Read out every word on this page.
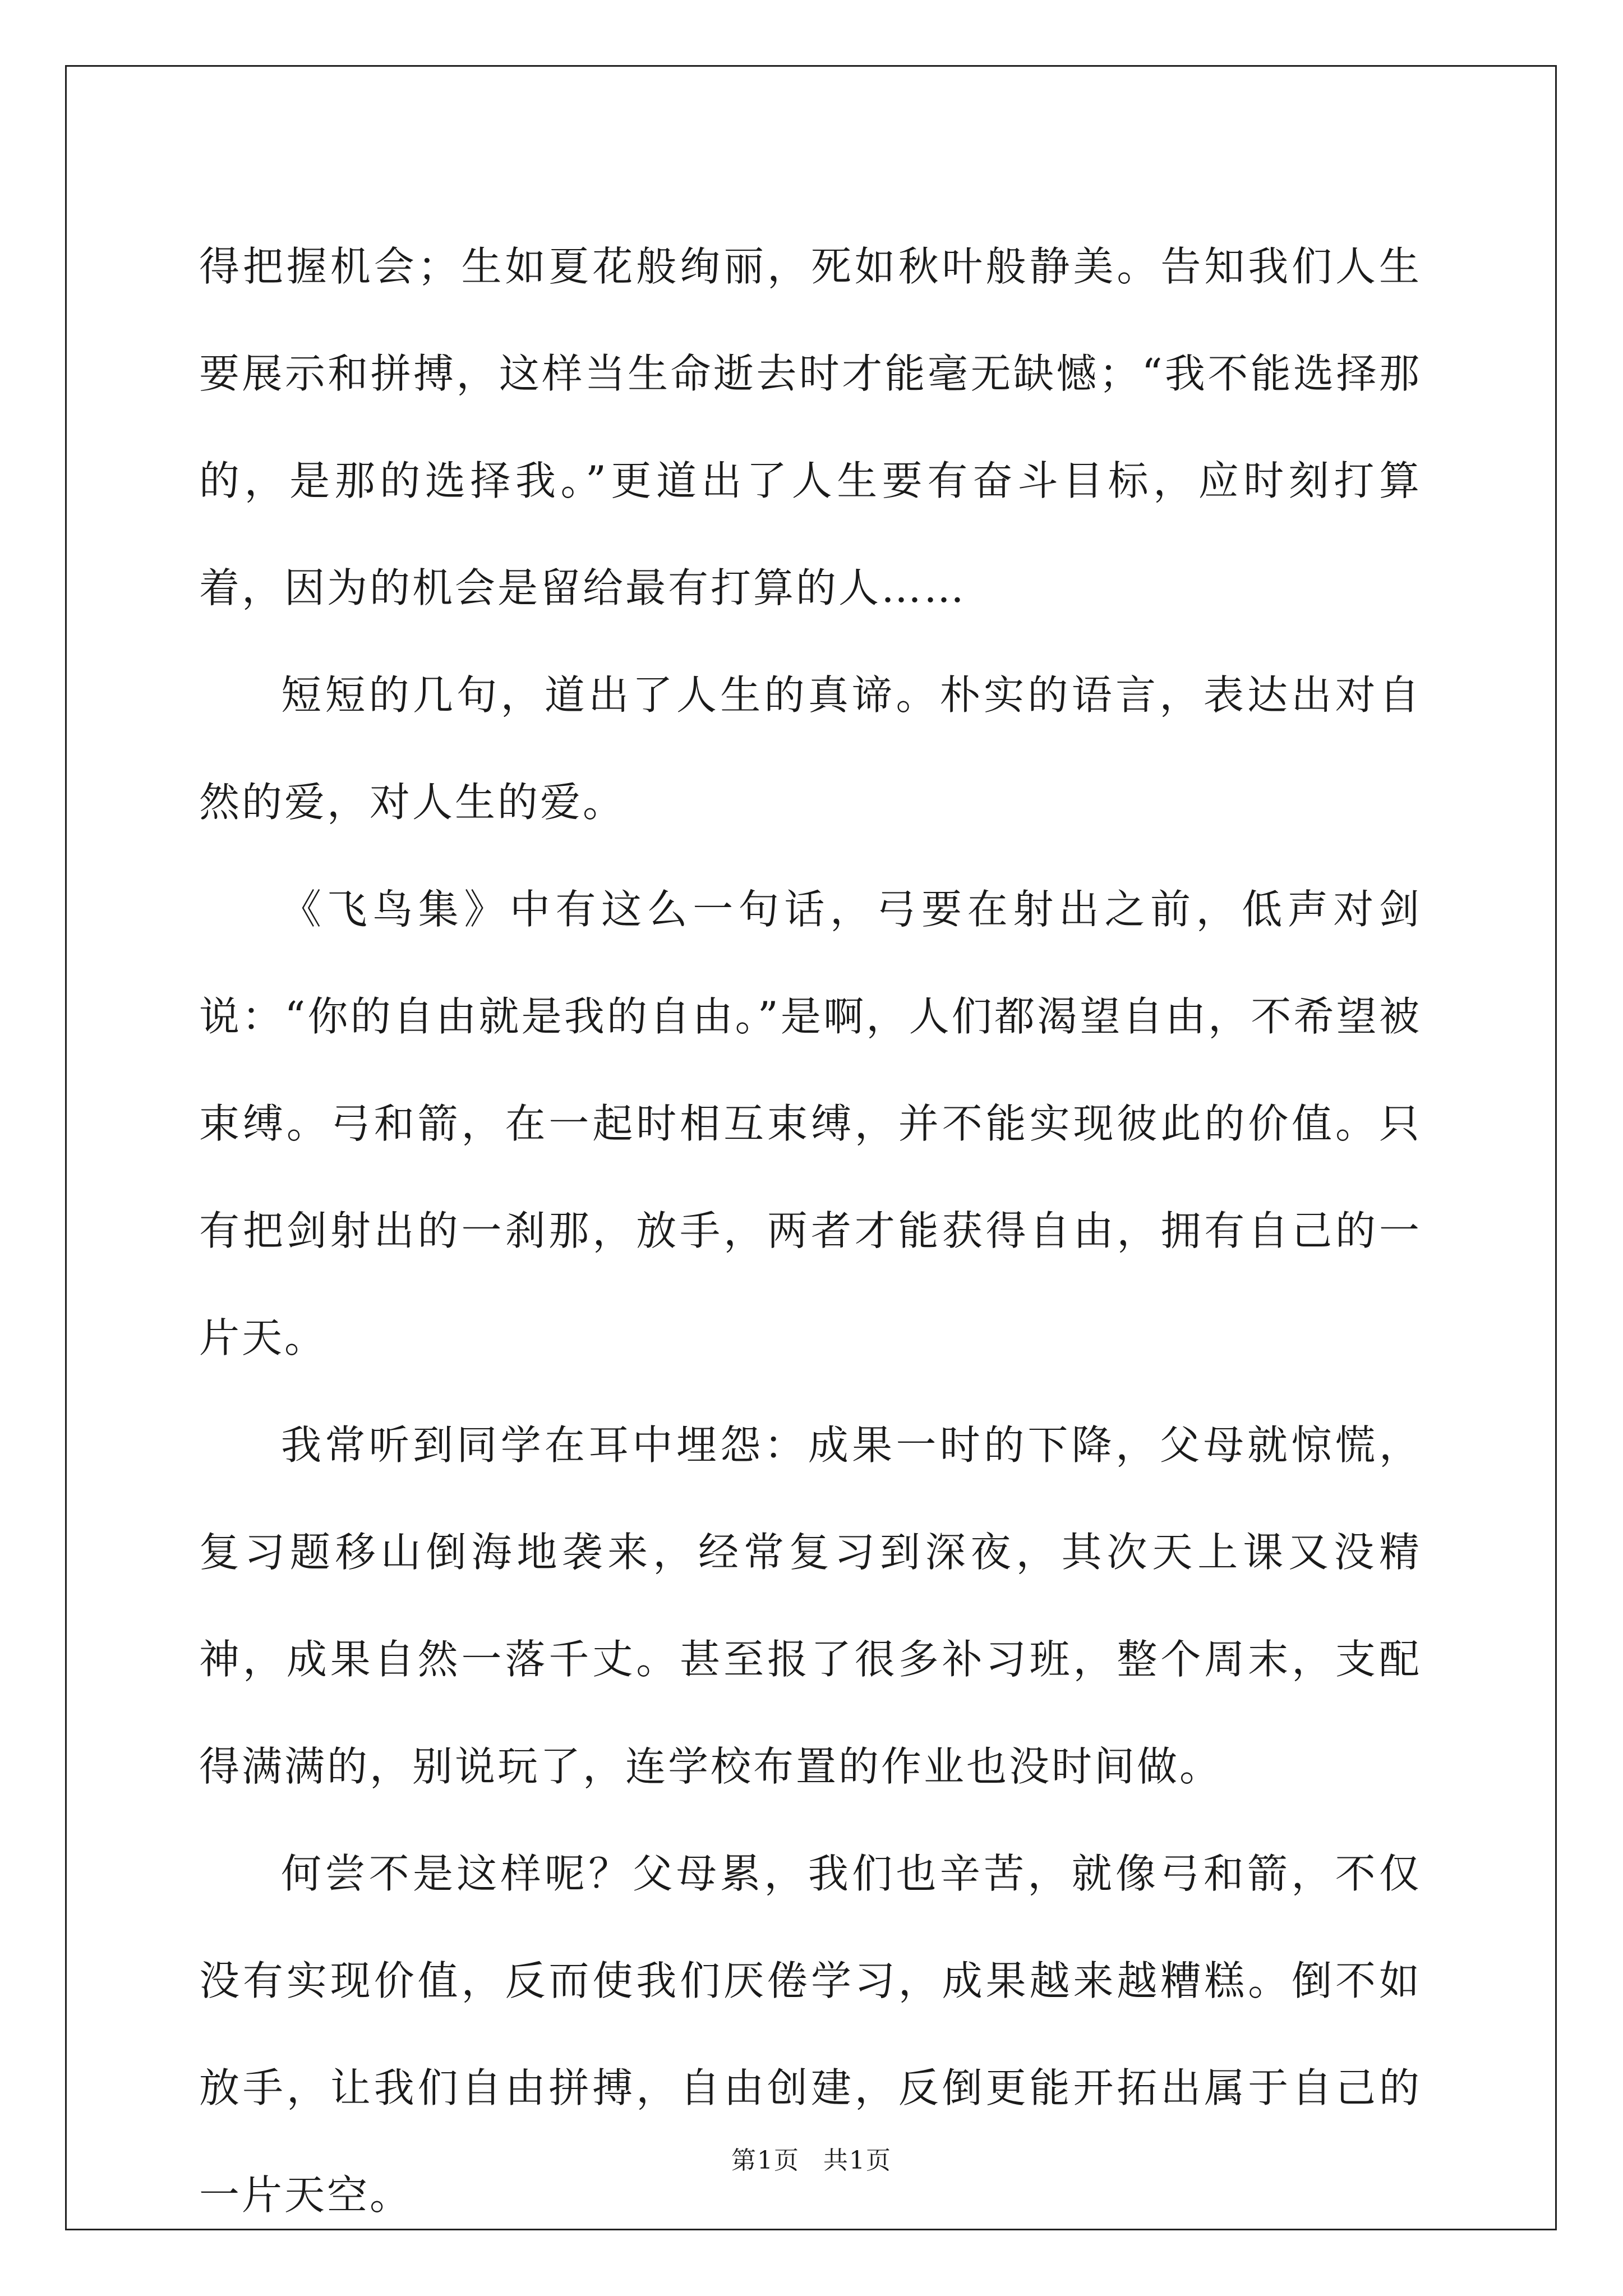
得把握机会；生如夏花般绚丽，死如秋叶般静美。告知我们人生要展示和拼搏，这样当生命逝去时才能毫无缺憾；“我不能选择那的，是那的选择我。”更道出了人生要有奋斗目标，应时刻打算着，因为的机会是留给最有打算的人……

短短的几句，道出了人生的真谛。朴实的语言，表达出对自然的爱，对人生的爱。

《飞鸟集》中有这么一句话，弓要在射出之前，低声对剑说：“你的自由就是我的自由。”是啊，人们都渴望自由，不希望被束缚。弓和箭，在一起时相互束缚，并不能实现彼此的价值。只有把剑射出的一刹那，放手，两者才能获得自由，拥有自己的一片天。

我常听到同学在耳中埋怨：成果一时的下降，父母就惊慌，复习题移山倒海地袭来，经常复习到深夜，其次天上课又没精神，成果自然一落千丈。甚至报了很多补习班，整个周末，支配得满满的，别说玩了，连学校布置的作业也没时间做。

何尝不是这样呢？父母累，我们也辛苦，就像弓和箭，不仅没有实现价值，反而使我们厌倦学习，成果越来越糟糕。倒不如放手，让我们自由拼搏，自由创建，反倒更能开拓出属于自己的一片天空。

第1页 共1页
